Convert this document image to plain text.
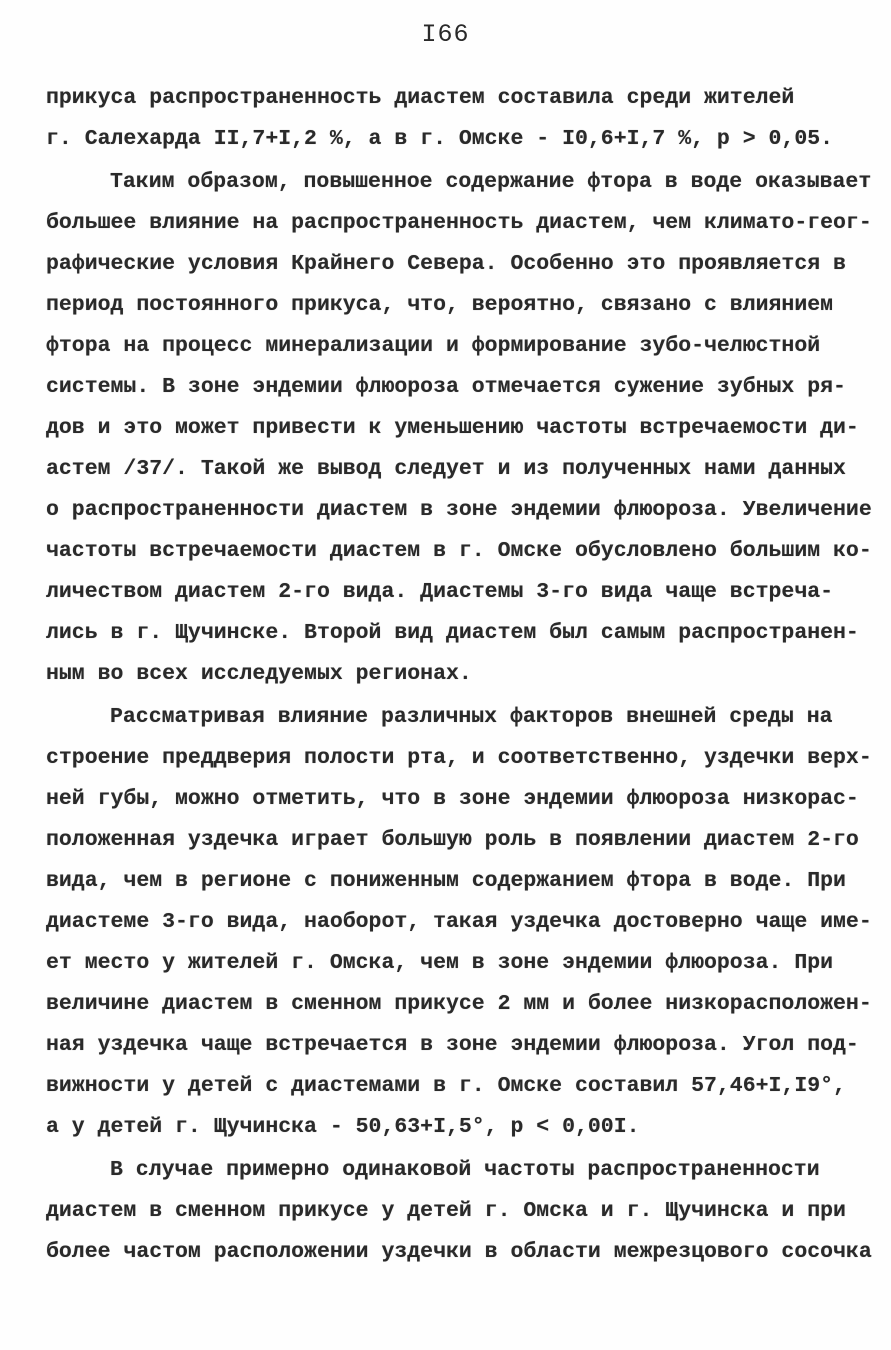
I66
прикуса распространенность диастем составила среди жителей
г. Салехарда II,7+I,2 %, а в г. Омске - I0,6+I,7 %, р > 0,05.
Таким образом, повышенное содержание фтора в воде оказывает
большее влияние на распространенность диастем, чем климато-геог-
рафические условия Крайнего Севера. Особенно это проявляется в
период постоянного прикуса, что, вероятно, связано с влиянием
фтора на процесс минерализации и формирование зубо-челюстной
системы. В зоне эндемии флюороза отмечается сужение зубных ря-
дов и это может привести к уменьшению частоты встречаемости ди-
астем /37/. Такой же вывод следует и из полученных нами данных
о распространенности диастем в зоне эндемии флюороза. Увеличение
частоты встречаемости диастем в г. Омске обусловлено большим ко-
личеством диастем 2-го вида. Диастемы 3-го вида чаще встреча-
лись в г. Щучинске. Второй вид диастем был самым распространен-
ным во всех исследуемых регионах.
Рассматривая влияние различных факторов внешней среды на
строение преддверия полости рта, и соответственно, уздечки верх-
ней губы, можно отметить, что в зоне эндемии флюороза низкорас-
положенная уздечка играет большую роль в появлении диастем 2-го
вида, чем в регионе с пониженным содержанием фтора в воде. При
диастеме 3-го вида, наоборот, такая уздечка достоверно чаще име-
ет место у жителей г. Омска, чем в зоне эндемии флюороза. При
величине диастем в сменном прикусе 2 мм и более низкорасположен-
ная уздечка чаще встречается в зоне эндемии флюороза. Угол под-
вижности у детей с диастемами в г. Омске составил 57,46+I,I9°,
а у детей г. Щучинска - 50,63+I,5°, р < 0,00I.
В случае примерно одинаковой частоты распространенности
диастем в сменном прикусе у детей г. Омска и г. Щучинска и при
более частом расположении уздечки в области межрезцового сосочка
